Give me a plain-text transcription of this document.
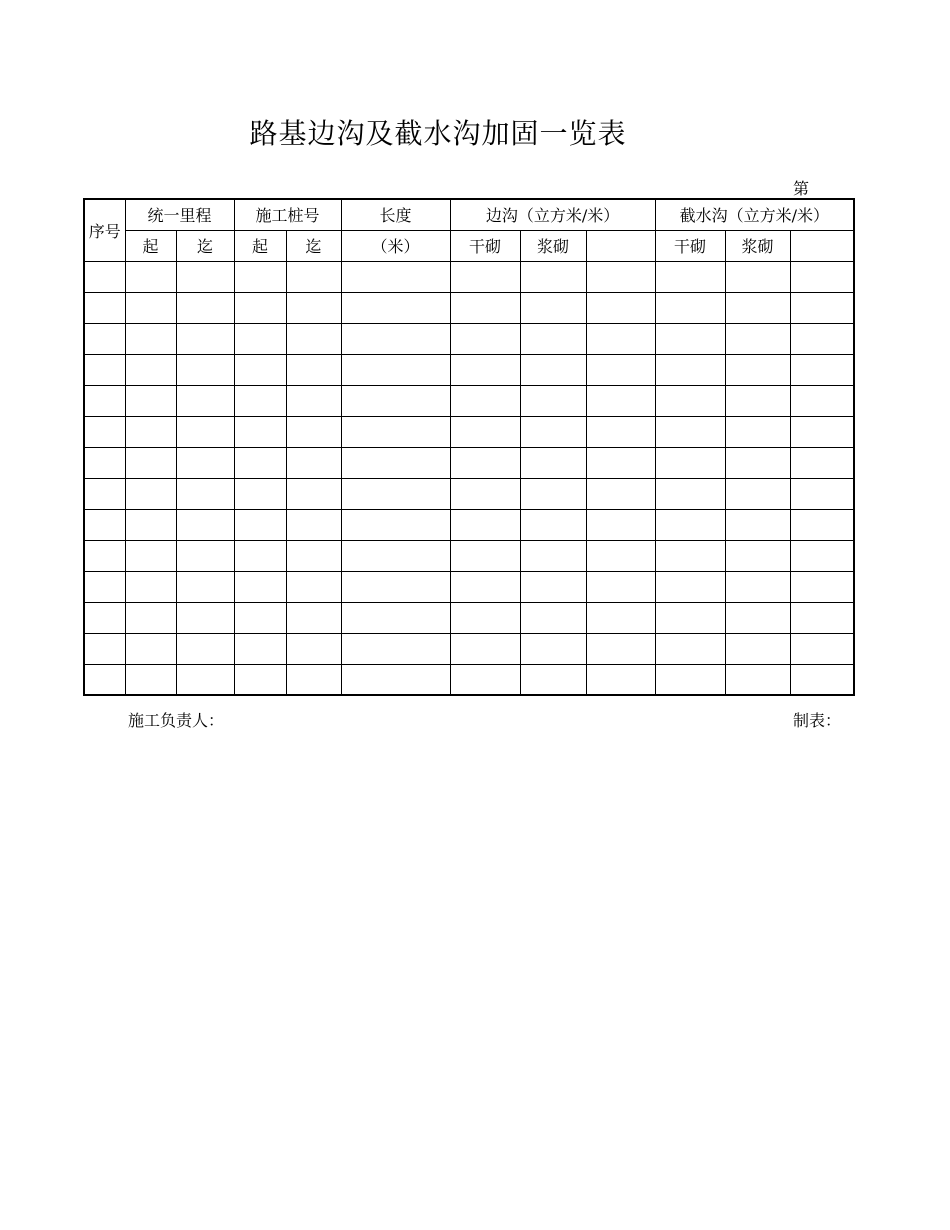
路基边沟及截水沟加固一览表
第
序号	统一里程		施工桩号		长度	边沟（立方米/米）			截水沟（立方米/米）		
	起	迄	起	迄	（米）	干砌	浆砌		干砌	浆砌	

施工负责人：	制表：
